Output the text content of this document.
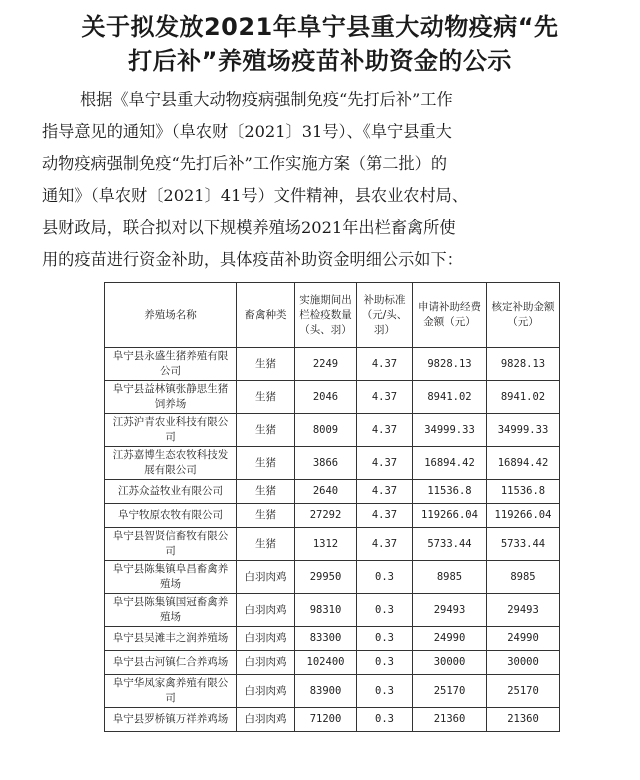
关于拟发放2021年阜宁县重大动物疫病“先
打后补”养殖场疫苗补助资金的公示
根据《阜宁县重大动物疫病强制免疫“先打后补”工作
指导意见的通知》（阜农财〔2021〕31号）、《阜宁县重大
动物疫病强制免疫“先打后补”工作实施方案（第二批）的
通知》（阜农财〔2021〕41号）文件精神，县农业农村局、
县财政局，联合拟对以下规模养殖场2021年出栏畜禽所使
用的疫苗进行资金补助，具体疫苗补助资金明细公示如下：
养殖场名称	畜禽种类	实施期间出栏检疫数量（头、羽）	补助标准（元/头、羽）	申请补助经费金额（元）	核定补助金额（元）
阜宁县永盛生猪养殖有限公司	生猪	2249	4.37	9828.13	9828.13
阜宁县益林镇张静思生猪饲养场	生猪	2046	4.37	8941.02	8941.02
江苏沪青农业科技有限公司	生猪	8009	4.37	34999.33	34999.33
江苏嘉博生态农牧科技发展有限公司	生猪	3866	4.37	16894.42	16894.42
江苏众益牧业有限公司	生猪	2640	4.37	11536.8	11536.8
阜宁牧原农牧有限公司	生猪	27292	4.37	119266.04	119266.04
阜宁县智贤信畜牧有限公司	生猪	1312	4.37	5733.44	5733.44
阜宁县陈集镇阜昌畜禽养殖场	白羽肉鸡	29950	0.3	8985	8985
阜宁县陈集镇国冠畜禽养殖场	白羽肉鸡	98310	0.3	29493	29493
阜宁县吴滩丰之润养殖场	白羽肉鸡	83300	0.3	24990	24990
阜宁县古河镇仁合养鸡场	白羽肉鸡	102400	0.3	30000	30000
阜宁华凤家禽养殖有限公司	白羽肉鸡	83900	0.3	25170	25170
阜宁县罗桥镇万祥养鸡场	白羽肉鸡	71200	0.3	21360	21360
